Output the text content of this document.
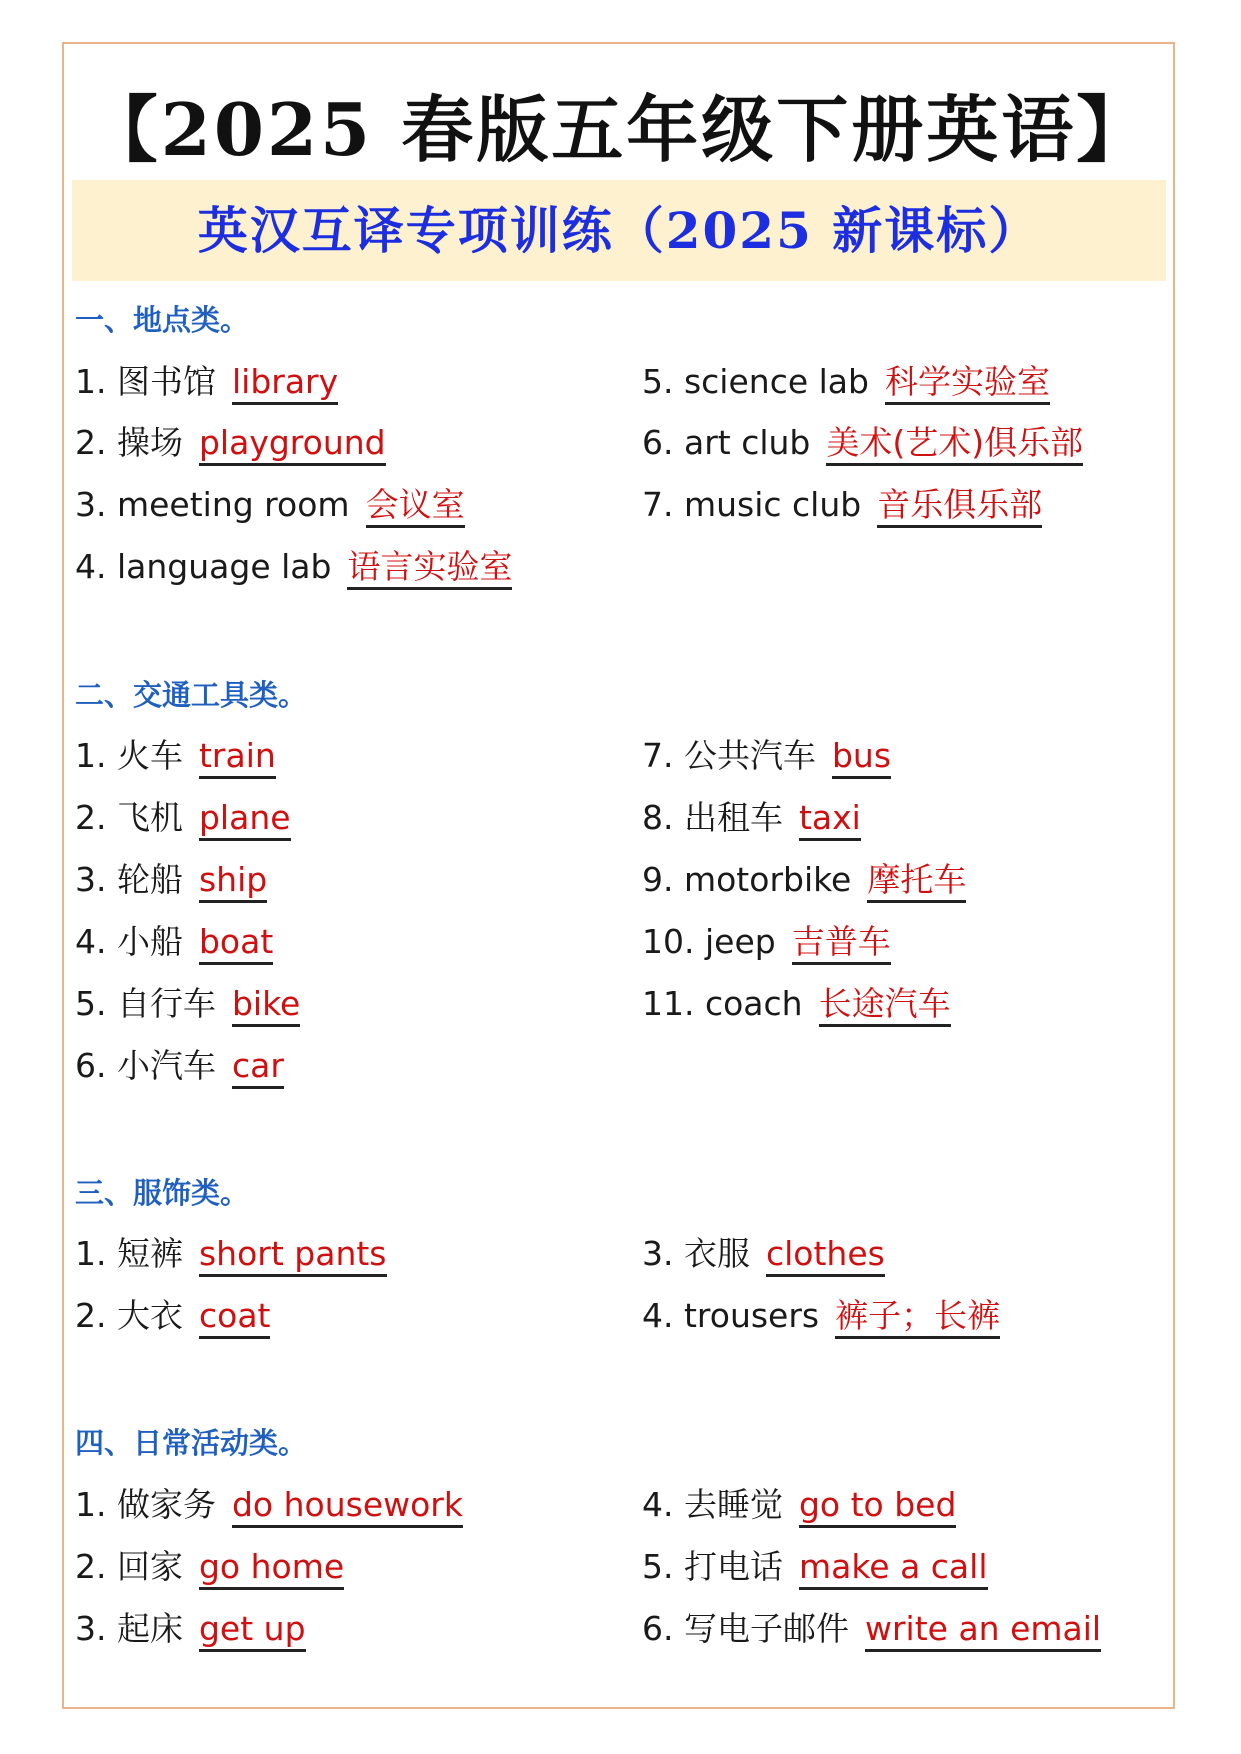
【2025 春版五年级下册英语】
英汉互译专项训练（2025 新课标）
一、地点类。
1. 图书馆 library
2. 操场 playground
3. meeting room 会议室
4. language lab 语言实验室
5. science lab 科学实验室
6. art club 美术(艺术)俱乐部
7. music club 音乐俱乐部
二、交通工具类。
1. 火车 train
2. 飞机 plane
3. 轮船 ship
4. 小船 boat
5. 自行车 bike
6. 小汽车 car
7. 公共汽车 bus
8. 出租车 taxi
9. motorbike 摩托车
10. jeep 吉普车
11. coach 长途汽车
三、服饰类。
1. 短裤 short pants
2. 大衣 coat
3. 衣服 clothes
4. trousers 裤子；长裤
四、日常活动类。
1. 做家务 do housework
2. 回家 go home
3. 起床 get up
4. 去睡觉 go to bed
5. 打电话 make a call
6. 写电子邮件 write an email
